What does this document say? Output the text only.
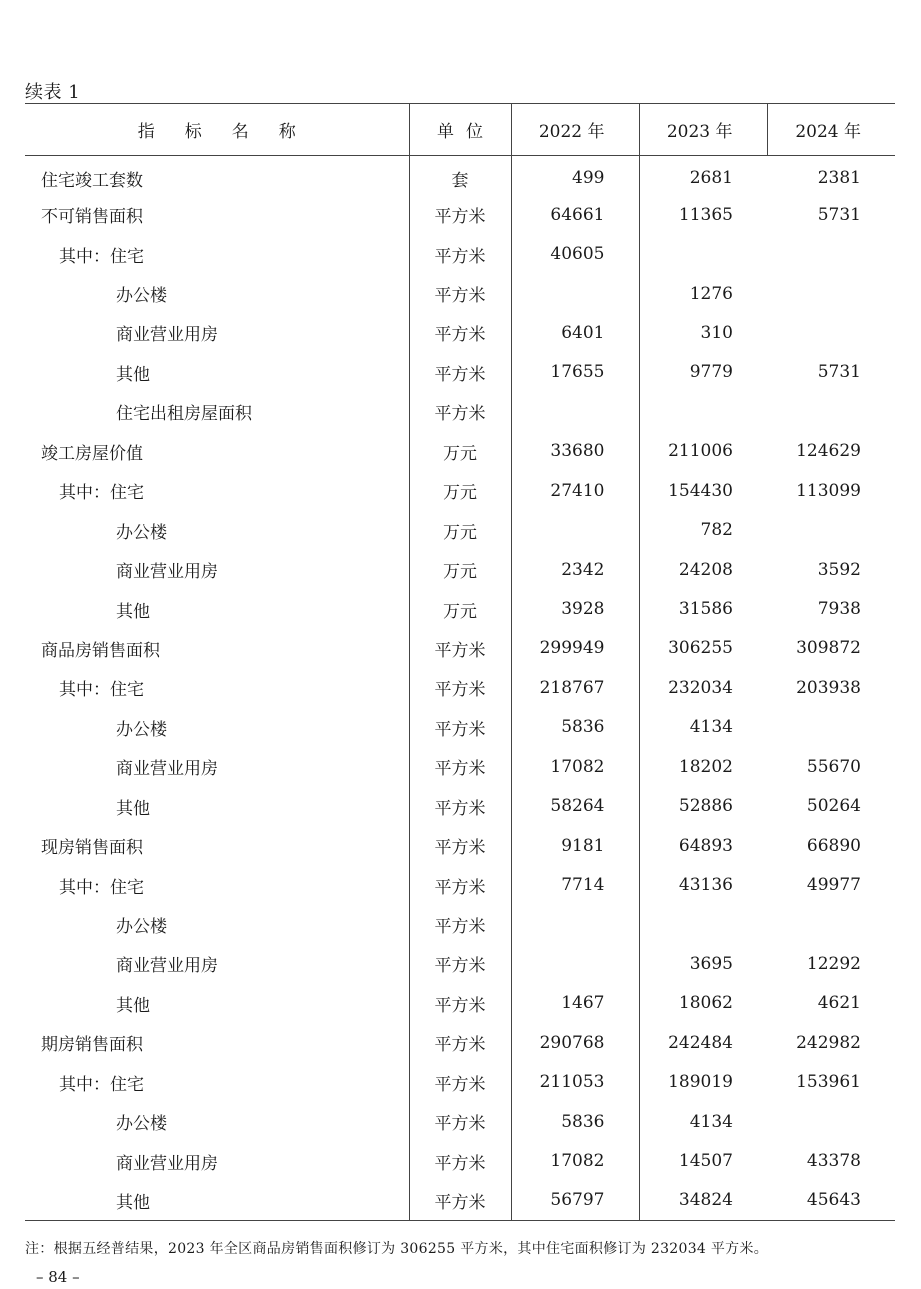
续表 1
指标名称	单位	2022 年	2023 年	2024 年
住宅竣工套数	套	499	2681	2381
不可销售面积	平方米	64661	11365	5731
其中：住宅	平方米	40605		
办公楼	平方米		1276	
商业营业用房	平方米	6401	310	
其他	平方米	17655	9779	5731
住宅出租房屋面积	平方米			
竣工房屋价值	万元	33680	211006	124629
其中：住宅	万元	27410	154430	113099
办公楼	万元		782	
商业营业用房	万元	2342	24208	3592
其他	万元	3928	31586	7938
商品房销售面积	平方米	299949	306255	309872
其中：住宅	平方米	218767	232034	203938
办公楼	平方米	5836	4134	
商业营业用房	平方米	17082	18202	55670
其他	平方米	58264	52886	50264
现房销售面积	平方米	9181	64893	66890
其中：住宅	平方米	7714	43136	49977
办公楼	平方米			
商业营业用房	平方米		3695	12292
其他	平方米	1467	18062	4621
期房销售面积	平方米	290768	242484	242982
其中：住宅	平方米	211053	189019	153961
办公楼	平方米	5836	4134	
商业营业用房	平方米	17082	14507	43378
其他	平方米	56797	34824	45643
注：根据五经普结果，2023 年全区商品房销售面积修订为 306255 平方米，其中住宅面积修订为 232034 平方米。
– 84 –
